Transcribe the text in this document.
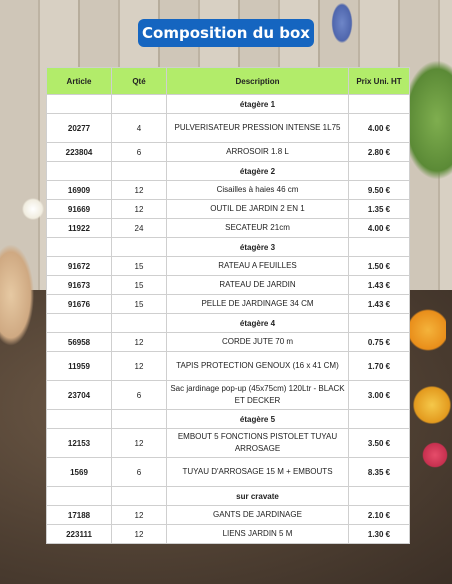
Composition du box
Article	Qté	Description	Prix Uni. HT
		étagère 1	
20277	4	PULVERISATEUR PRESSION INTENSE 1L75	4.00 €
223804	6	ARROSOIR 1.8 L	2.80 €
		étagère 2	
16909	12	Cisailles à haies 46 cm	9.50 €
91669	12	OUTIL DE JARDIN 2 EN 1	1.35 €
11922	24	SECATEUR 21cm	4.00 €
		étagère 3	
91672	15	RATEAU A FEUILLES	1.50 €
91673	15	RATEAU DE JARDIN	1.43 €
91676	15	PELLE DE JARDINAGE 34 CM	1.43 €
		étagère 4	
56958	12	CORDE JUTE 70 m	0.75 €
11959	12	TAPIS PROTECTION GENOUX (16 x 41 CM)	1.70 €
23704	6	Sac jardinage pop-up (45x75cm) 120Ltr - BLACK ET DECKER	3.00 €
		étagère 5	
12153	12	EMBOUT 5 FONCTIONS PISTOLET TUYAU ARROSAGE	3.50 €
1569	6	TUYAU D'ARROSAGE 15 M + EMBOUTS	8.35 €
		sur cravate	
17188	12	GANTS DE JARDINAGE	2.10 €
223111	12	LIENS JARDIN 5 M	1.30 €
